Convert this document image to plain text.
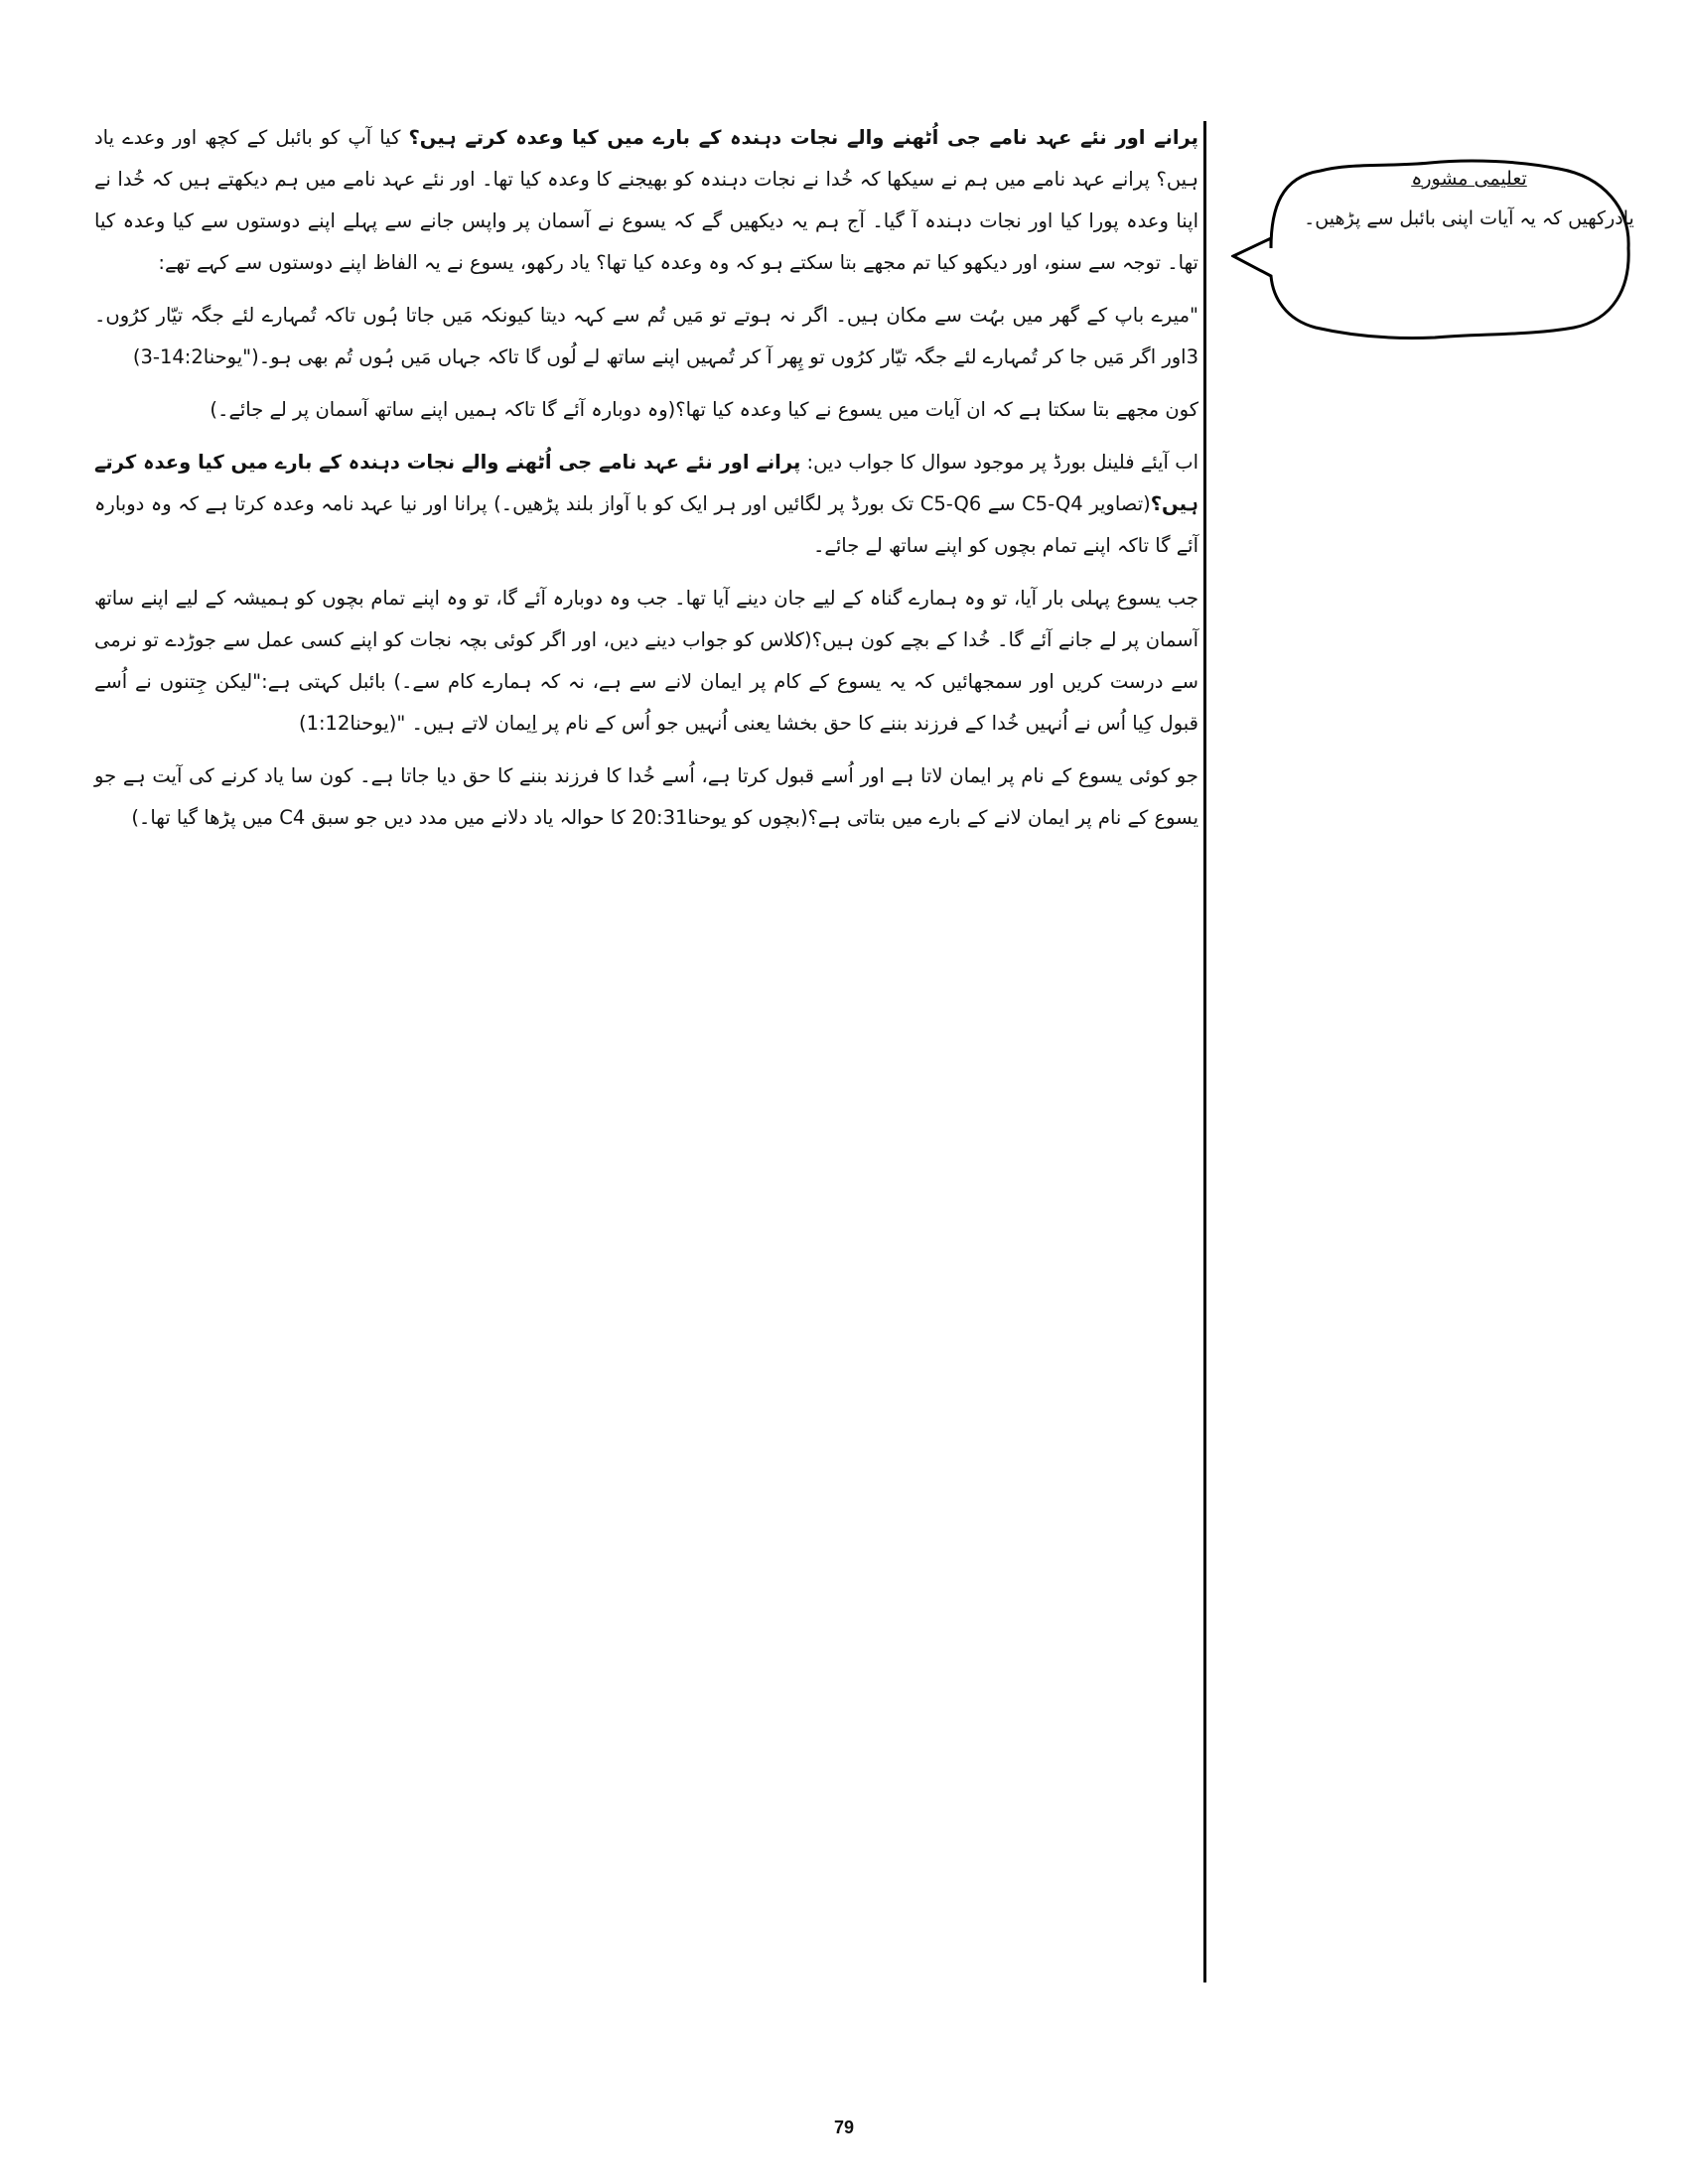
پرانے اور نئے عہد نامے جی اُٹھنے والے نجات دہندہ کے بارے میں کیا وعدہ کرتے ہیں؟ کیا آپ کو بائبل کے کچھ اور وعدے یاد ہیں؟ پرانے عہد نامے میں ہم نے سیکھا کہ خُدا نے نجات دہندہ کو بھیجنے کا وعدہ کیا تھا۔ اور نئے عہد نامے میں ہم دیکھتے ہیں کہ خُدا نے اپنا وعدہ پورا کیا اور نجات دہندہ آ گیا۔ آج ہم یہ دیکھیں گے کہ یسوع نے آسمان پر واپس جانے سے پہلے اپنے دوستوں سے کیا وعدہ کیا تھا۔ توجہ سے سنو، اور دیکھو کیا تم مجھے بتا سکتے ہو کہ وہ وعدہ کیا تھا؟ یاد رکھو، یسوع نے یہ الفاظ اپنے دوستوں سے کہے تھے:

"میرے باپ کے گھر میں بہُت سے مکان ہیں۔ اگر نہ ہوتے تو مَیں تُم سے کہہ دیتا کیونکہ مَیں جاتا ہُوں تاکہ تُمہارے لئے جگہ تیّار کرُوں۔ 3اور اگر مَیں جا کر تُمہارے لئے جگہ تیّار کرُوں تو پِھر آ کر تُمہیں اپنے ساتھ لے لُوں گا تاکہ جہاں مَیں ہُوں تُم بھی ہو۔("یوحنا14:2-3)

کون مجھے بتا سکتا ہے کہ ان آیات میں یسوع نے کیا وعدہ کیا تھا؟(وہ دوبارہ آئے گا تاکہ ہمیں اپنے ساتھ آسمان پر لے جائے۔)

اب آیئے فلینل بورڈ پر موجود سوال کا جواب دیں: پرانے اور نئے عہد نامے جی اُٹھنے والے نجات دہندہ کے بارے میں کیا وعدہ کرتے ہیں؟(تصاویر C5-Q4 سے C5-Q6 تک بورڈ پر لگائیں اور ہر ایک کو با آواز بلند پڑھیں۔) پرانا اور نیا عہد نامہ وعدہ کرتا ہے کہ وہ دوبارہ آئے گا تاکہ اپنے تمام بچوں کو اپنے ساتھ لے جائے۔

جب یسوع پہلی بار آیا، تو وہ ہمارے گناہ کے لیے جان دینے آیا تھا۔ جب وہ دوبارہ آئے گا، تو وہ اپنے تمام بچوں کو ہمیشہ کے لیے اپنے ساتھ آسمان پر لے جانے آئے گا۔ خُدا کے بچے کون ہیں؟(کلاس کو جواب دینے دیں، اور اگر کوئی بچہ نجات کو اپنے کسی عمل سے جوڑدے تو نرمی سے درست کریں اور سمجھائیں کہ یہ یسوع کے کام پر ایمان لانے سے ہے، نہ کہ ہمارے کام سے۔) بائبل کہتی ہے:"لیکن جِتنوں نے اُسے قبول کِیا اُس نے اُنہیں خُدا کے فرزند بننے کا حق بخشا یعنی اُنہیں جو اُس کے نام پر اِیمان لاتے ہیں۔ "(یوحنا1:12)

جو کوئی یسوع کے نام پر ایمان لاتا ہے اور اُسے قبول کرتا ہے، اُسے خُدا کا فرزند بننے کا حق دیا جاتا ہے۔ کون سا یاد کرنے کی آیت ہے جو یسوع کے نام پر ایمان لانے کے بارے میں بتاتی ہے؟(بچوں کو یوحنا20:31 کا حوالہ یاد دلانے میں مدد دیں جو سبق C4 میں پڑھا گیا تھا۔)

تعلیمی مشورہ
یادرکھیں کہ یہ آیات اپنی بائبل سے پڑھیں۔
79
